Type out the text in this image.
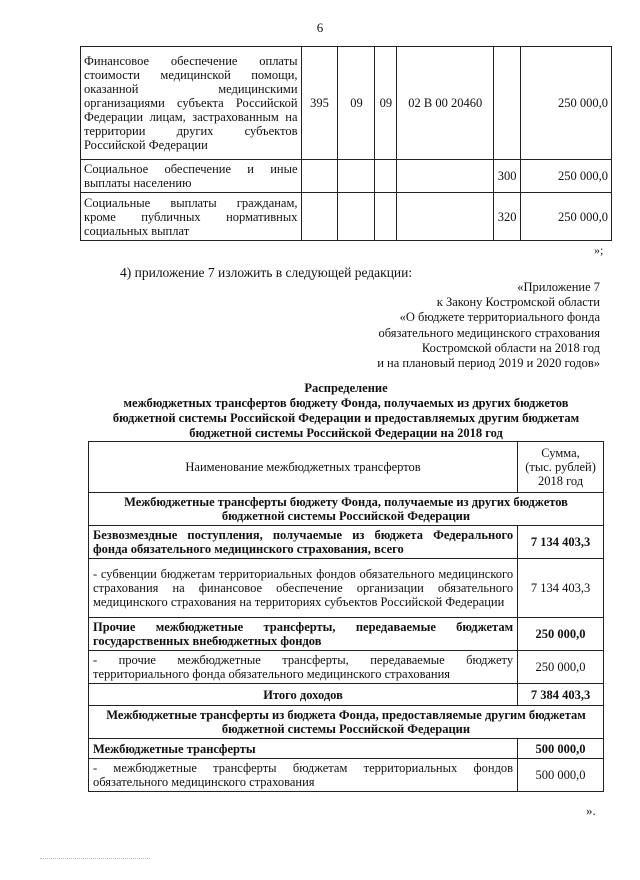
6
Финансовое обеспечение оплаты стоимости медицинской помощи, оказанной медицинскими организациями субъекта Российской Федерации лицам, застрахованным на территории других субъектов Российской Федерации	395	09	09	02 В 00 20460		250 000,0
Социальное обеспечение и иные выплаты населению					300	250 000,0
Социальные выплаты гражданам, кроме публичных нормативных социальных выплат					320	250 000,0
»;
4) приложение 7 изложить в следующей редакции:
«Приложение 7
к Закону Костромской области
«О бюджете территориального фонда
обязательного медицинского страхования
Костромской области на 2018 год
и на плановый период 2019 и 2020 годов»
Распределение
межбюджетных трансфертов бюджету Фонда, получаемых из других бюджетов
бюджетной системы Российской Федерации и предоставляемых другим бюджетам
бюджетной системы Российской Федерации на 2018 год
Наименование межбюджетных трансфертов	Сумма,
(тыс. рублей)
2018 год

Межбюджетные трансферты бюджету Фонда, получаемые из других бюджетов бюджетной системы Российской Федерации	
Безвозмездные поступления, получаемые из бюджета Федерального фонда обязательного медицинского страхования, всего	7 134 403,3
- субвенции бюджетам территориальных фондов обязательного медицинского страхования на финансовое обеспечение организации обязательного медицинского страхования на территориях субъектов Российской Федерации	7 134 403,3
Прочие межбюджетные трансферты, передаваемые бюджетам государственных внебюджетных фондов	250 000,0
- прочие межбюджетные трансферты, передаваемые бюджету территориального фонда обязательного медицинского страхования	250 000,0
Итого доходов	7 384 403,3
Межбюджетные трансферты из бюджета Фонда, предоставляемые другим бюджетам бюджетной системы Российской Федерации	
Межбюджетные трансферты	500 000,0
- межбюджетные трансферты бюджетам территориальных фондов обязательного медицинского страхования	500 000,0
».
